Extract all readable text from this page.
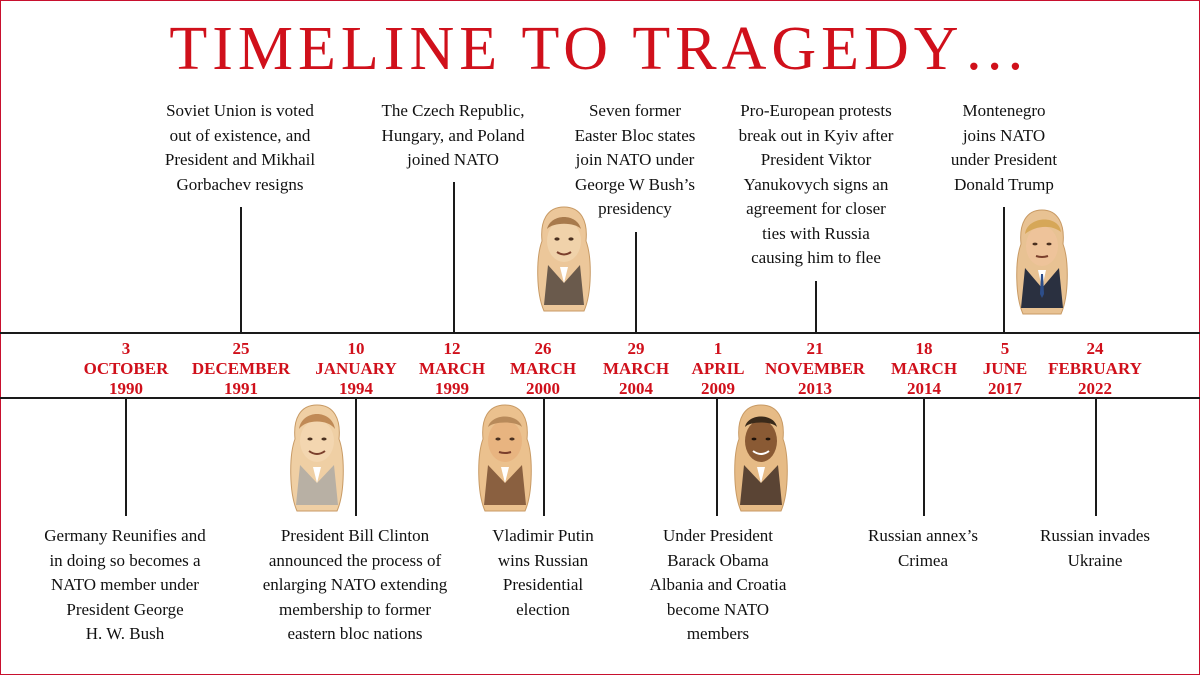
TIMELINE TO TRAGEDY…
3
OCTOBER
1990
25
DECEMBER
1991
10
JANUARY
1994
12
MARCH
1999
26
MARCH
2000
29
MARCH
2004
1
APRIL
2009
21
NOVEMBER
2013
18
MARCH
2014
5
JUNE
2017
24
FEBRUARY
2022
Soviet Union is voted
out of existence, and
President and Mikhail
Gorbachev resigns
The Czech Republic,
Hungary, and Poland
joined NATO
Seven former
Easter Bloc states
join NATO under
George W Bush’s
presidency
Pro-European protests
break out in Kyiv after
President Viktor
Yanukovych signs an
agreement for closer
ties with Russia
causing him to flee
Montenegro
joins NATO
under President
Donald Trump
Germany Reunifies and
in doing so becomes a
NATO member under
President George
H. W. Bush
President Bill Clinton
announced the process of
enlarging NATO extending
membership to former
eastern bloc nations
Vladimir Putin
wins Russian
Presidential
election
Under President
Barack Obama
Albania and Croatia
become NATO
members
Russian annex’s
Crimea
Russian invades
Ukraine
